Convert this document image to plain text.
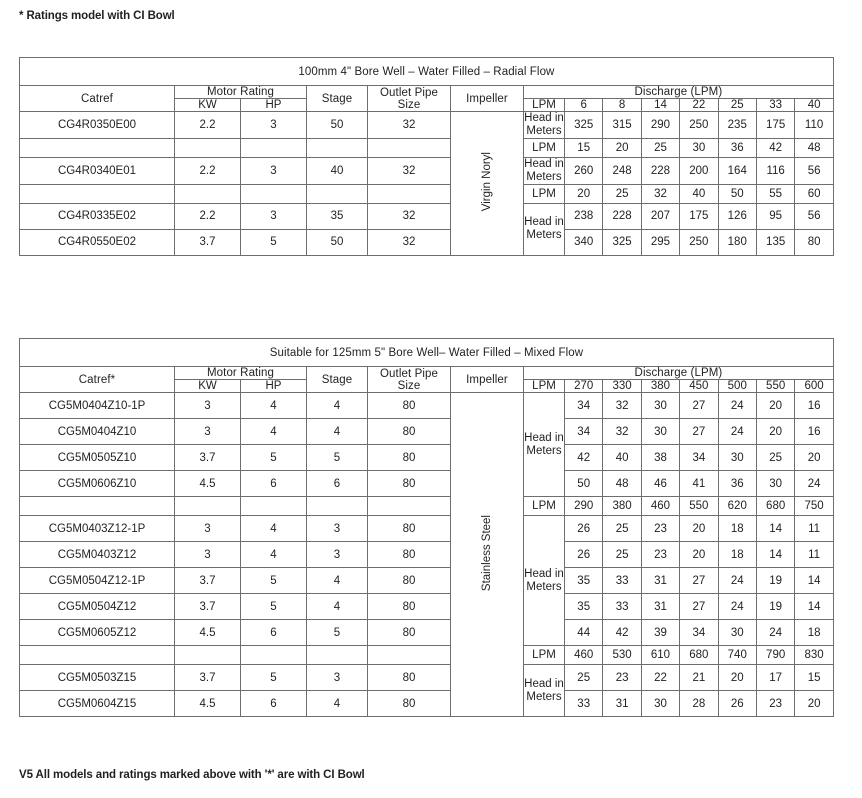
* Ratings model with CI Bowl
100mm 4" Bore Well – Water Filled – Radial Flow													
Catref	Motor Rating		Stage	Outlet Pipe Size	Impeller	Discharge (LPM)							
	KW	HP				LPM	6	8	14	22	25	33	40
CG4R0350E00	2.2	3	50	32	Virgin Noryl	Head in Meters	325	315	290	250	235	175	110
						LPM	15	20	25	30	36	42	48
CG4R0340E01	2.2	3	40	32		Head in Meters	260	248	228	200	164	116	56
						LPM	20	25	32	40	50	55	60
CG4R0335E02	2.2	3	35	32		Head in Meters	238	228	207	175	126	95	56
CG4R0550E02	3.7	5	50	32			340	325	295	250	180	135	80
Suitable for 125mm 5" Bore Well– Water Filled – Mixed Flow													
Catref*	Motor Rating		Stage	Outlet Pipe Size	Impeller	Discharge (LPM)							
	KW	HP				LPM	270	330	380	450	500	550	600
CG5M0404Z10-1P	3	4	4	80	Stainless Steel	Head in Meters	34	32	30	27	24	20	16
CG5M0404Z10	3	4	4	80			34	32	30	27	24	20	16
CG5M0505Z10	3.7	5	5	80			42	40	38	34	30	25	20
CG5M0606Z10	4.5	6	6	80			50	48	46	41	36	30	24
						LPM	290	380	460	550	620	680	750
CG5M0403Z12-1P	3	4	3	80		Head in Meters	26	25	23	20	18	14	11
CG5M0403Z12	3	4	3	80			26	25	23	20	18	14	11
CG5M0504Z12-1P	3.7	5	4	80			35	33	31	27	24	19	14
CG5M0504Z12	3.7	5	4	80			35	33	31	27	24	19	14
CG5M0605Z12	4.5	6	5	80			44	42	39	34	30	24	18
						LPM	460	530	610	680	740	790	830
CG5M0503Z15	3.7	5	3	80		Head in Meters	25	23	22	21	20	17	15
CG5M0604Z15	4.5	6	4	80			33	31	30	28	26	23	20
V5 All models and ratings marked above with '*' are with CI Bowl
